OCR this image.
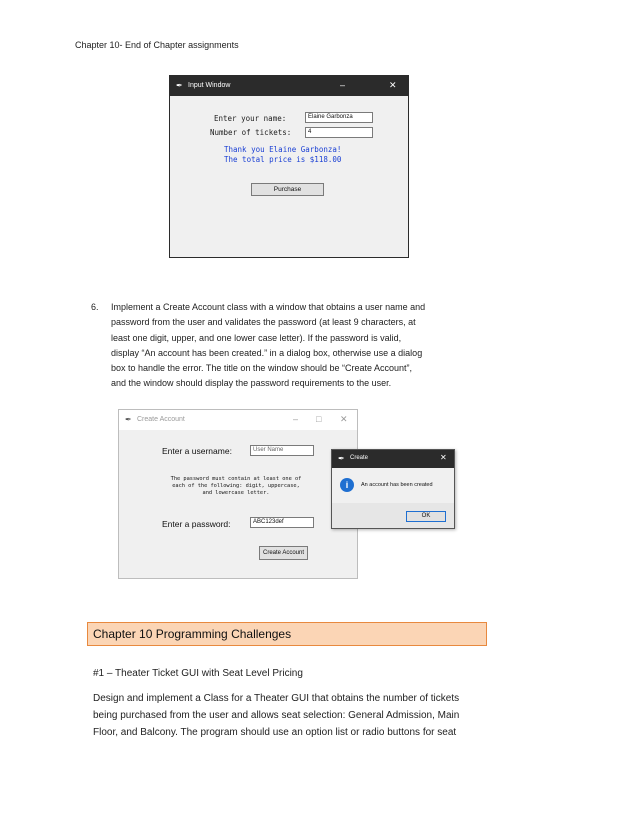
Chapter 10- End of Chapter assignments
✒ Input Window	–	✕
Enter your name:	Elaine Garbonza
Number of tickets:	4
Thank you Elaine Garbonza!
The total price is $118.00
Purchase
6. Implement a Create Account class with a window that obtains a user name and
password from the user and validates the password (at least 9 characters, at
least one digit, upper, and one lower case letter). If the password is valid,
display “An account has been created.” in a dialog box, otherwise use a dialog
box to handle the error. The title on the window should be “Create Account”,
and the window should display the password requirements to the user.
✒ Create Account	– □ ✕
Enter a username:	User Name
The password must contain at least one of
each of the following: digit, uppercase,
and lowercase letter.
Enter a password:	ABC123def
Create Account
✒ Create	✕
i	An account has been created
OK
Chapter 10 Programming Challenges
#1 – Theater Ticket GUI with Seat Level Pricing
Design and implement a Class for a Theater GUI that obtains the number of tickets
being purchased from the user and allows seat selection: General Admission, Main
Floor, and Balcony. The program should use an option list or radio buttons for seat
